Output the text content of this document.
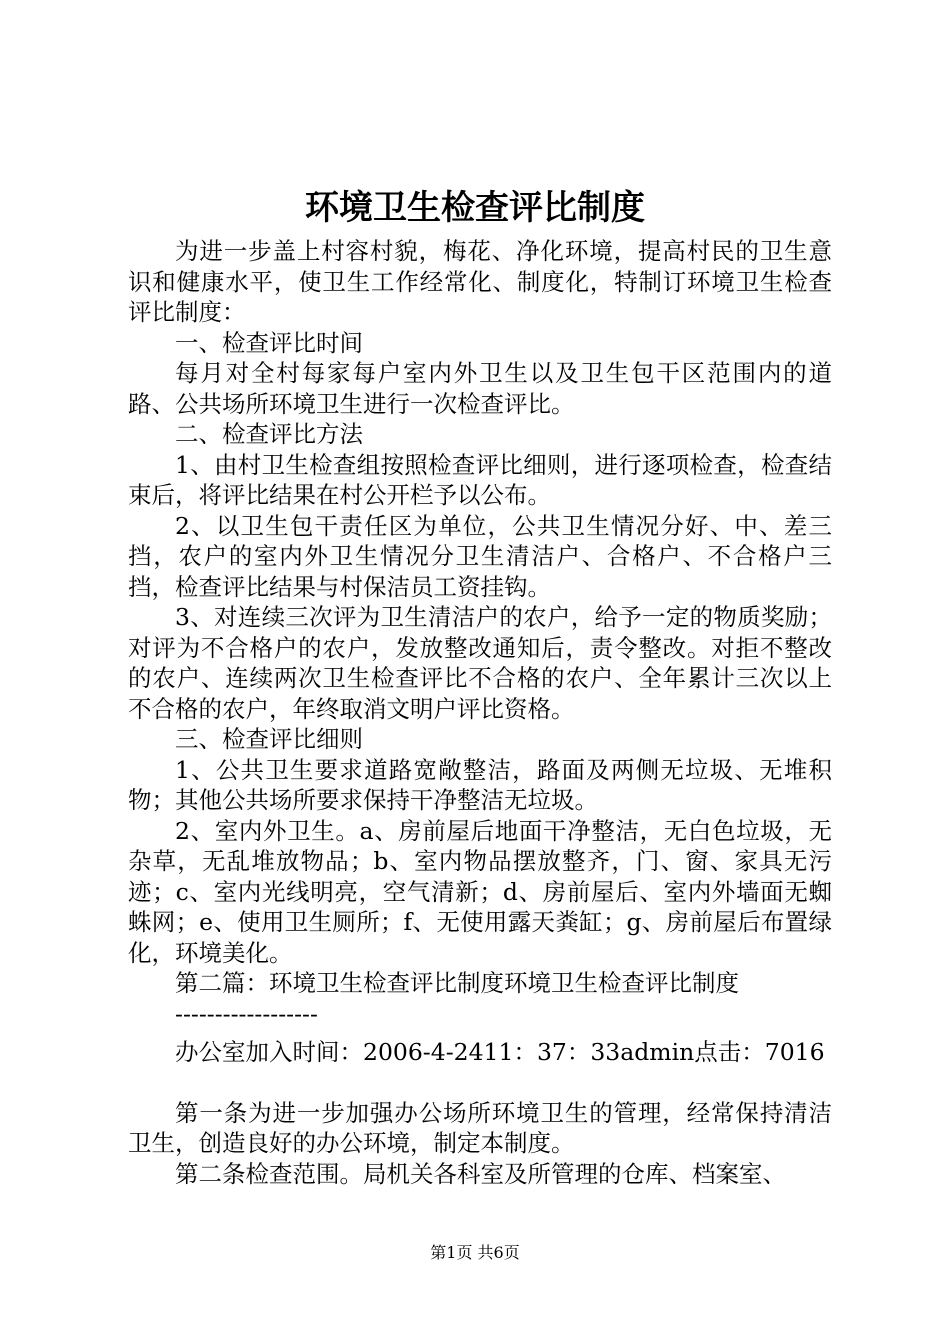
环境卫生检查评比制度

为进一步盖上村容村貌，梅花、净化环境，提高村民的卫生意识和健康水平，使卫生工作经常化、制度化，特制订环境卫生检查评比制度：

一、检查评比时间

每月对全村每家每户室内外卫生以及卫生包干区范围内的道路、公共场所环境卫生进行一次检查评比。

二、检查评比方法

1、由村卫生检查组按照检查评比细则，进行逐项检查，检查结束后，将评比结果在村公开栏予以公布。

2、以卫生包干责任区为单位，公共卫生情况分好、中、差三挡，农户的室内外卫生情况分卫生清洁户、合格户、不合格户三挡，检查评比结果与村保洁员工资挂钩。

3、对连续三次评为卫生清洁户的农户，给予一定的物质奖励；对评为不合格户的农户，发放整改通知后，责令整改。对拒不整改的农户、连续两次卫生检查评比不合格的农户、全年累计三次以上不合格的农户，年终取消文明户评比资格。

三、检查评比细则

1、公共卫生要求道路宽敞整洁，路面及两侧无垃圾、无堆积物；其他公共场所要求保持干净整洁无垃圾。

2、室内外卫生。a、房前屋后地面干净整洁，无白色垃圾，无杂草，无乱堆放物品；b、室内物品摆放整齐，门、窗、家具无污迹；c、室内光线明亮，空气清新；d、房前屋后、室内外墙面无蜘蛛网；e、使用卫生厕所；f、无使用露天粪缸；g、房前屋后布置绿化，环境美化。

第二篇：环境卫生检查评比制度环境卫生检查评比制度

------------------

办公室加入时间：2006-4-2411：37：33admin点击：7016

第一条为进一步加强办公场所环境卫生的管理，经常保持清洁卫生，创造良好的办公环境，制定本制度。

第二条检查范围。局机关各科室及所管理的仓库、档案室、

第1页 共6页
